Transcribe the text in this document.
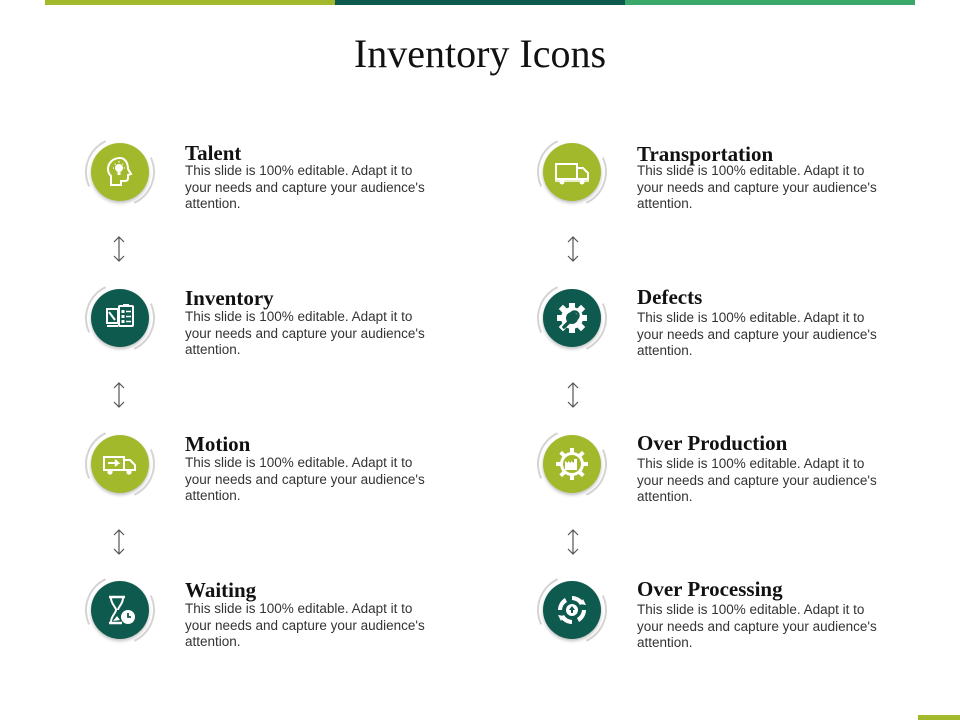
Inventory Icons
Talent
This slide is 100% editable. Adapt it to your needs and capture your audience's attention.
Inventory
This slide is 100% editable. Adapt it to your needs and capture your audience's attention.
Motion
This slide is 100% editable. Adapt it to your needs and capture your audience's attention.
Waiting
This slide is 100% editable. Adapt it to your needs and capture your audience's attention.
Transportation
This slide is 100% editable. Adapt it to your needs and capture your audience's attention.
Defects
This slide is 100% editable. Adapt it to your needs and capture your audience's attention.
Over Production
This slide is 100% editable. Adapt it to your needs and capture your audience's attention.
Over Processing
This slide is 100% editable. Adapt it to your needs and capture your audience's attention.
